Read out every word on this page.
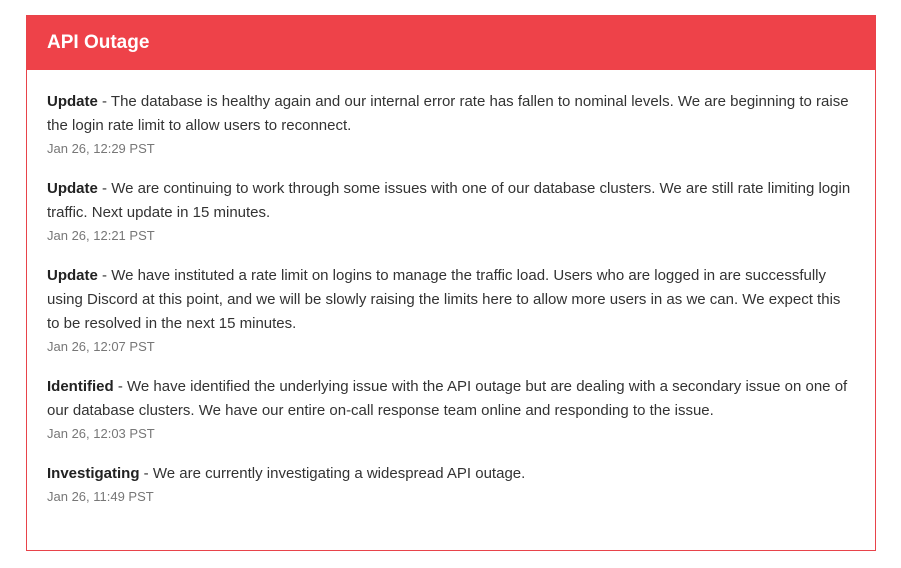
API Outage

Update - The database is healthy again and our internal error rate has fallen to nominal levels. We are beginning to raise the login rate limit to allow users to reconnect.

Jan 26, 12:29 PST

Update - We are continuing to work through some issues with one of our database clusters. We are still rate limiting login traffic. Next update in 15 minutes.

Jan 26, 12:21 PST

Update - We have instituted a rate limit on logins to manage the traffic load. Users who are logged in are successfully using Discord at this point, and we will be slowly raising the limits here to allow more users in as we can. We expect this to be resolved in the next 15 minutes.

Jan 26, 12:07 PST

Identified - We have identified the underlying issue with the API outage but are dealing with a secondary issue on one of our database clusters. We have our entire on-call response team online and responding to the issue.

Jan 26, 12:03 PST

Investigating - We are currently investigating a widespread API outage.

Jan 26, 11:49 PST
